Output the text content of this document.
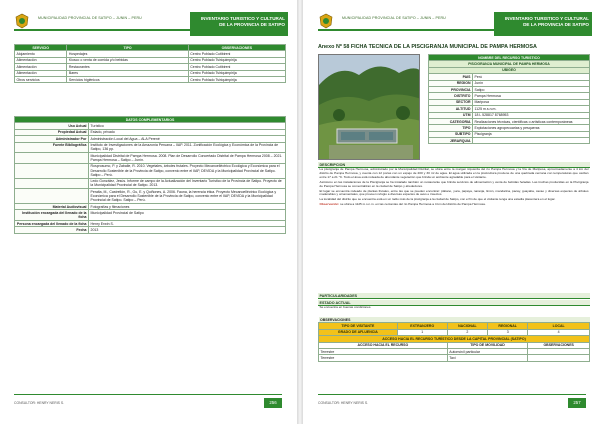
MUNICIPALIDAD PROVINCIAL DE SATIPO – JUNIN – PERU	INVENTARIO TURISTICO Y CULTURAL
DE LA PROVINCIA DE SATIPO
SERVICIO	TIPO	OBSERVACIONES
Alojamiento	Hospedajes	Centro Poblado Cutibireni
Alimentación	Kiosco o venta de comida y/o bebidas	Centro Poblado Tsiriquimpirija
Alimentación	Restaurantes	Centro Poblado Cutibireni
Alimentación	Bares	Centro Poblado Tsiriquimpirija
Otros servicios	Servicios higiénicos	Centro Poblado Tsiriquimpirija
DATOS COMPLEMENTARIOS	
Uso Actual	Turístico
Propiedad Actual	Estado, privado
Administrador Por	Administración Local del Agua – ALA Perené
Fuente Bibliográfica	Instituto de Investigaciones de la Amazonía Peruana – IIAP. 2011. Zonificación Ecológica y Económica de la Provincia de Satipo, 136 pp.
	Municipalidad Distrital de Pampa Hermosa. 2008. Plan de Desarrollo Concertado Distrital de Pampa Hermosa 2008 – 2021. Pampa Hermosa – Satipo – Junín.
	Rosprosumo, P. y Zaballe, R. 2010. Vegetales, árboles frutales. Proyecto Mecanoelléctrico Ecológica y Económica para el Desarrollo Sostenible de la Provincia de Satipo, convenio entre el IIAP, DEVIDA y la Municipalidad Provincial de Satipo. Satipo – Perú.
	Ledo González, Jesús. Informe de campo de la Actualización del Inventario Turístico de la Provincia de Satipo. Proyecto de la Municipalidad Provincial de Satipo. 2013.
	Peralta, M., Castrellón, R., Gu, E. y Quiñones, A. 2006. Fauna, la herencia ética. Proyecto Mecanoelléctrico Ecológica y Económica para el Desarrollo Sostenible de la Provincia de Satipo, convenio entre el IIAP, DEVIDA y la Municipalidad Provincial de Satipo. Satipo – Perú.
Material Audiovisual	Fotografías y filmaciones
Institución encargada del llenado de la ficha	Municipalidad Provincial de Satipo
Persona encargada del llenado de la ficha	Henry Erwin S.
Fecha	2013
CONSULTOR: HENRY NERIS S.	256
MUNICIPALIDAD PROVINCIAL DE SATIPO – JUNIN – PERU	INVENTARIO TURISTICO Y CULTURAL
DE LA PROVINCIA DE SATIPO
Anexo Nº 58 FICHA TECNICA DE LA PISCIGRANJA MUNICIPAL DE PAMPA HERMOSA
NOMBRE DEL RECURSO TURISTICO	
PISCIGRANJA MUNICIPAL DE PAMPA HERMOSA	
UBIGEO	
PAIS	Perú
REGION	Junín
PROVINCIA	Satipo
DISTRITO	Pampa Hermosa
SECTOR	Mariposa
ALTITUD	1125 m.s.n.m.
UTM	18 L 528817 8768953
CATEGORIA	Realizaciones técnicas, científicas o artísticas contemporáneas
TIPO	Explotaciones agropecuarias y pesqueras
SUBTIPO	Piscigranja
JERARQUIA	
DESCRIPCION
La piscigranja de Pampa Hermosa, administrado por la Municipalidad Distrital, se ubica entre la margen izquierda del río Pampa Hermosa y la Vía de Mariposa, aproximadamente a 4 km del distrito de Pampa Hermosa, y cuenta con 12 pozas con un espejo de 200 y 30 m² de agua. El agua utilizada en la piscicultura proviene de una quebrada cercana con temperaturas que oscilan entre 17 a 21 °C. Todo el área está rodeada de abundante vegetación que brinda un ambiente agradable para el visitante.
Asimismo en las instalaciones de la Piscigranja se ha instalado también un restaurante que brinda servicios de alimentación y venta de bebidas heladas. Las truchas producidas en la Piscigranja de Pampa Hermosa se comercializan en la ciudad de Satipo y alrededores.
El lugar se encuentra rodeado de plantas frutales, entre las que se pueden encontrar: plátano, yuca, papaya, naranja, limón, mandarina, pacay, guayaba, cacao y diversas especies de árboles maderables y ornamentales, que proveen refugio a diversas especies de aves e insectos.
La localidad del distrito que se encuentra está en un radio más de la piscigranja a la ciudad de Satipo, con el fin de que el visitante tenga una estadía placentera en el lugar.
Observación: se ubica a 1125 m.s.n.m. en las cercanías del río Pampa Hermosa a 4 km del distrito de Pampa Hermosa.
PARTICULARIDADES
ESTADO ACTUAL
Se encuentra en buenas condiciones.
OBSERVACIONES				
TIPO DE VISITANTE	EXTRANJERO	NACIONAL	REGIONAL	LOCAL
GRADO DE AFLUENCIA	1	2	3	4
ACCESO HACIA EL RECURSO TURÍSTICO DESDE LA CAPITAL PROVINCIAL (SATIPO)				
ACCESO HACIA EL RECURSO		TIPO DE MOVILIDAD		OBSERVACIONES
Terrestre		Automóvil particular		
Terrestre		Taxi		
CONSULTOR: HENRY NERIS S.	257
